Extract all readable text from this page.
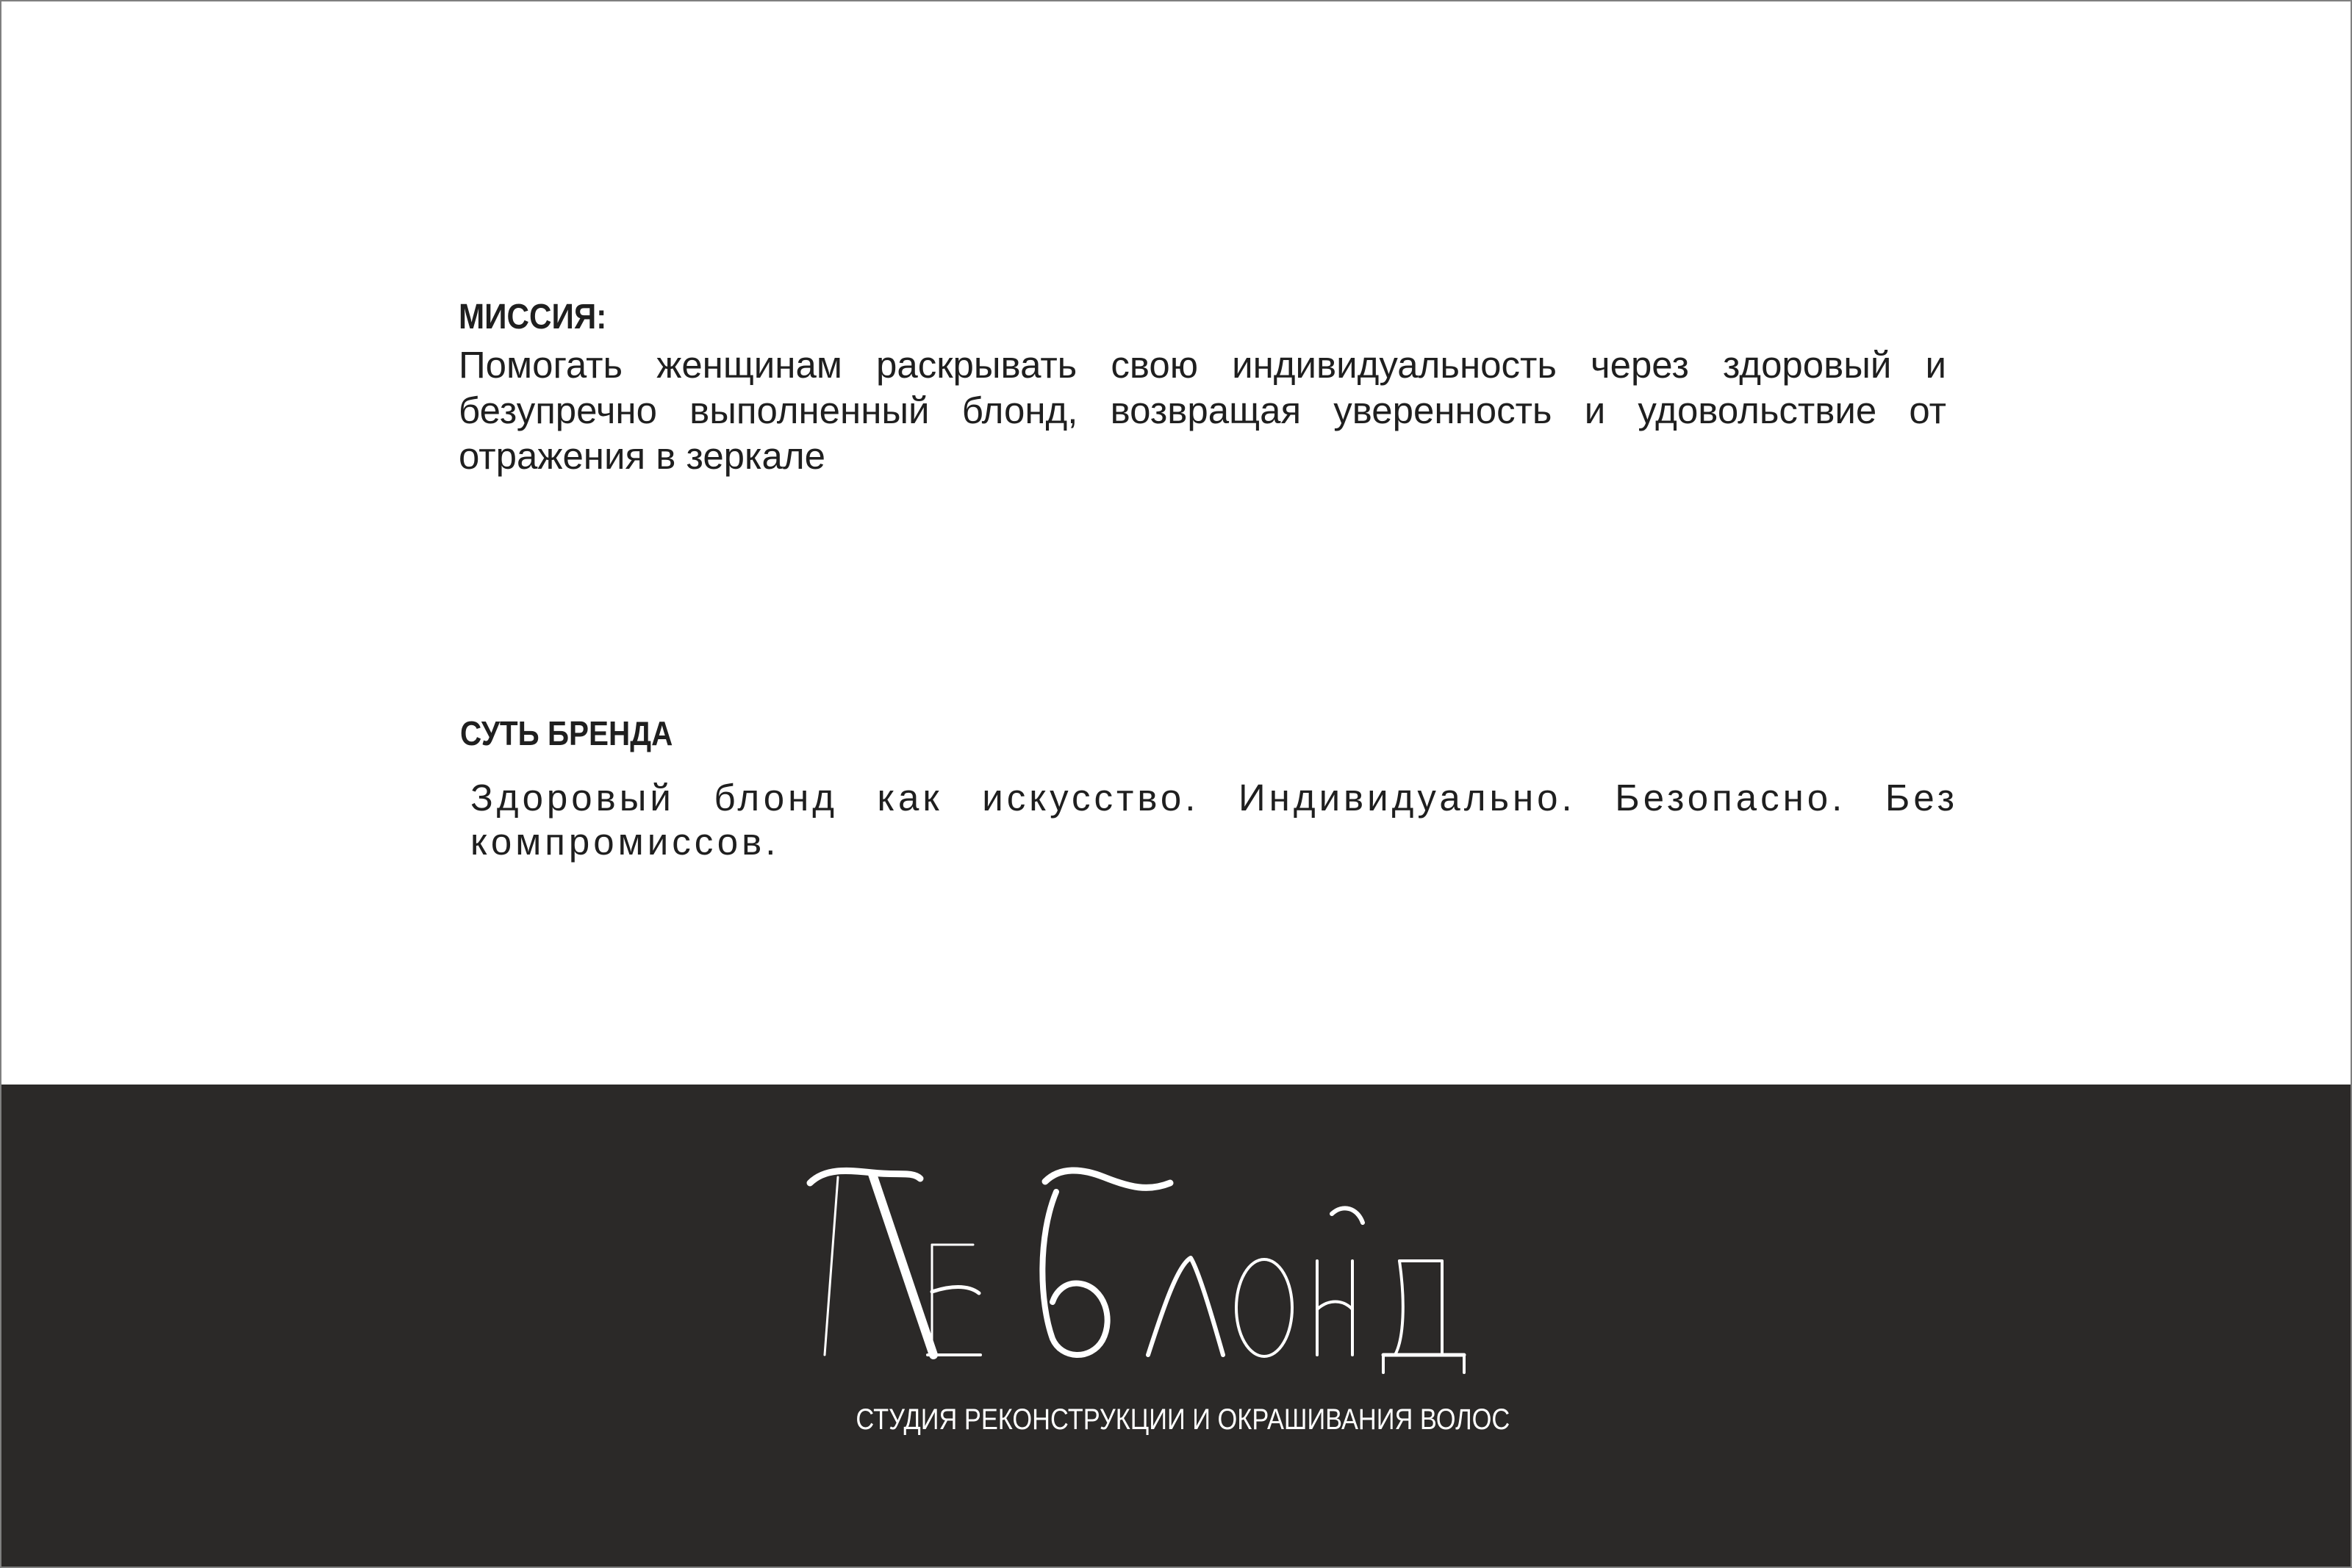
МИССИЯ:

Помогать женщинам раскрывать свою индивидуальность через здоровый и безупречно выполненный блонд, возвращая уверенность и удовольствие от отражения в зеркале

СУТЬ БРЕНДА

Здоровый блонд как искусство. Индивидуально. Безопасно. Без компромиссов.

СТУДИЯ РЕКОНСТРУКЦИИ И ОКРАШИВАНИЯ ВОЛОС
